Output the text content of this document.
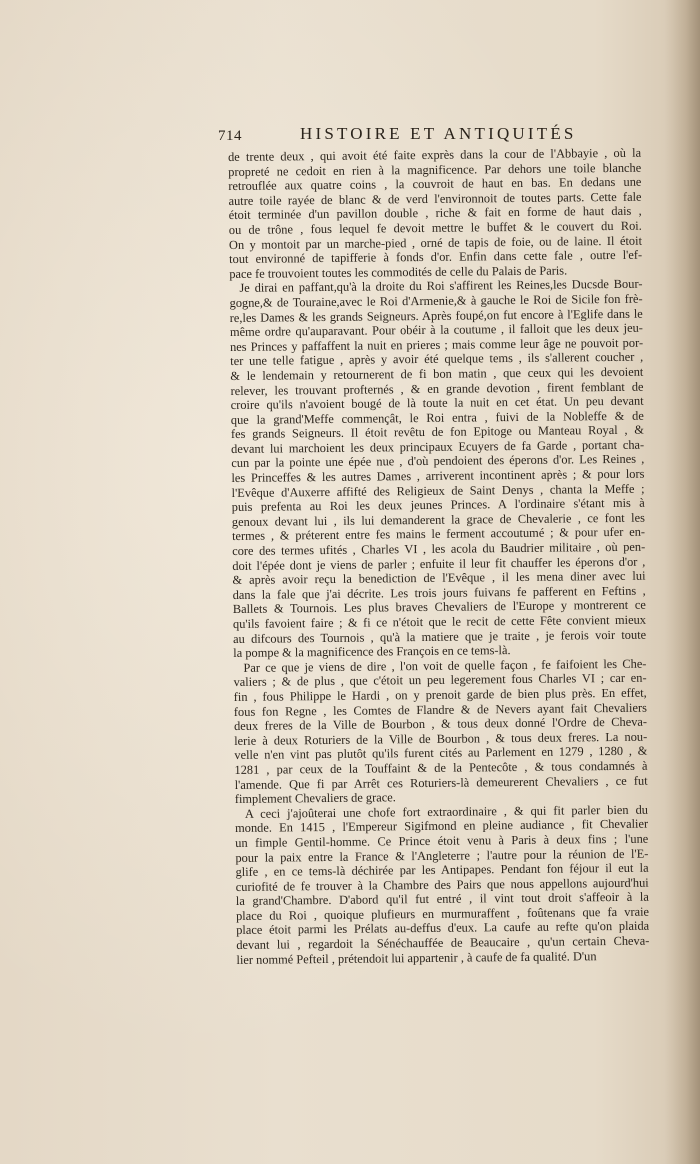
714	HISTOIRE ET ANTIQUITÉS

de trente deux , qui avoit été faite exprès dans la cour de l'Abbayie , où la
propreté ne cedoit en rien à la magnificence. Par dehors une toile blanche
retrouflée aux quatre coins , la couvroit de haut en bas. En dedans une
autre toile rayée de blanc & de verd l'environnoit de toutes parts. Cette fale
étoit terminée d'un pavillon double , riche & fait en forme de haut dais ,
ou de trône , fous lequel fe devoit mettre le buffet & le couvert du Roi.
On y montoit par un marche-pied , orné de tapis de foie, ou de laine. Il étoit
tout environné de tapifferie à fonds d'or. Enfin dans cette fale , outre l'ef-
pace fe trouvoient toutes les commodités de celle du Palais de Paris.

Je dirai en paffant,qu'à la droite du Roi s'affirent les Reines,les Ducsde Bour-
gogne,& de Touraine,avec le Roi d'Armenie,& à gauche le Roi de Sicile fon frè-
re,les Dames & les grands Seigneurs. Après foupé,on fut encore à l'Eglife dans le
même ordre qu'auparavant. Pour obéir à la coutume , il falloit que les deux jeu-
nes Princes y paffaffent la nuit en prieres ; mais comme leur âge ne pouvoit por-
ter une telle fatigue , après y avoir été quelque tems , ils s'allerent coucher ,
& le lendemain y retournerent de fi bon matin , que ceux qui les devoient
relever, les trouvant profternés , & en grande devotion , firent femblant de
croire qu'ils n'avoient bougé de là toute la nuit en cet état. Un peu devant
que la grand'Meffe commençât, le Roi entra , fuivi de la Nobleffe & de
fes grands Seigneurs. Il étoit revêtu de fon Epitoge ou Manteau Royal , &
devant lui marchoient les deux principaux Ecuyers de fa Garde , portant cha-
cun par la pointe une épée nue , d'où pendoient des éperons d'or. Les Reines ,
les Princeffes & les autres Dames , arriverent incontinent après ; & pour lors
l'Evêque d'Auxerre affifté des Religieux de Saint Denys , chanta la Meffe ;
puis prefenta au Roi les deux jeunes Princes. A l'ordinaire s'étant mis à
genoux devant lui , ils lui demanderent la grace de Chevalerie , ce font les
termes , & préterent entre fes mains le ferment accoutumé ; & pour ufer en-
core des termes ufités , Charles VI , les acola du Baudrier militaire , où pen-
doit l'épée dont je viens de parler ; enfuite il leur fit chauffer les éperons d'or ,
& après avoir reçu la benediction de l'Evêque , il les mena diner avec lui
dans la fale que j'ai décrite. Les trois jours fuivans fe pafferent en Feftins ,
Ballets & Tournois. Les plus braves Chevaliers de l'Europe y montrerent ce
qu'ils favoient faire ; & fi ce n'étoit que le recit de cette Fête convient mieux
au difcours des Tournois , qu'à la matiere que je traite , je ferois voir toute
la pompe & la magnificence des François en ce tems-là.

Par ce que je viens de dire , l'on voit de quelle façon , fe faifoient les Che-
valiers ; & de plus , que c'étoit un peu legerement fous Charles VI ; car en-
fin , fous Philippe le Hardi , on y prenoit garde de bien plus près. En effet,
fous fon Regne , les Comtes de Flandre & de Nevers ayant fait Chevaliers
deux freres de la Ville de Bourbon , & tous deux donné l'Ordre de Cheva-
lerie à deux Roturiers de la Ville de Bourbon , & tous deux freres. La nou-
velle n'en vint pas plutôt qu'ils furent cités au Parlement en 1279 , 1280 , &
1281 , par ceux de la Touffaint & de la Pentecôte , & tous condamnés à
l'amende. Que fi par Arrêt ces Roturiers-là demeurerent Chevaliers , ce fut
fimplement Chevaliers de grace.

A ceci j'ajoûterai une chofe fort extraordinaire , & qui fit parler bien du
monde. En 1415 , l'Empereur Sigifmond en pleine audiance , fit Chevalier
un fimple Gentil-homme. Ce Prince étoit venu à Paris à deux fins ; l'une
pour la paix entre la France & l'Angleterre ; l'autre pour la réunion de l'E-
glife , en ce tems-là déchirée par les Antipapes. Pendant fon féjour il eut la
curiofité de fe trouver à la Chambre des Pairs que nous appellons aujourd'hui
la grand'Chambre. D'abord qu'il fut entré , il vint tout droit s'affeoir à la
place du Roi , quoique plufieurs en murmuraffent , foûtenans que fa vraie
place étoit parmi les Prélats au-deffus d'eux. La caufe au refte qu'on plaida
devant lui , regardoit la Sénéchauffée de Beaucaire , qu'un certain Cheva-
lier nommé Pefteil , prétendoit lui appartenir , à caufe de fa qualité. D'un
